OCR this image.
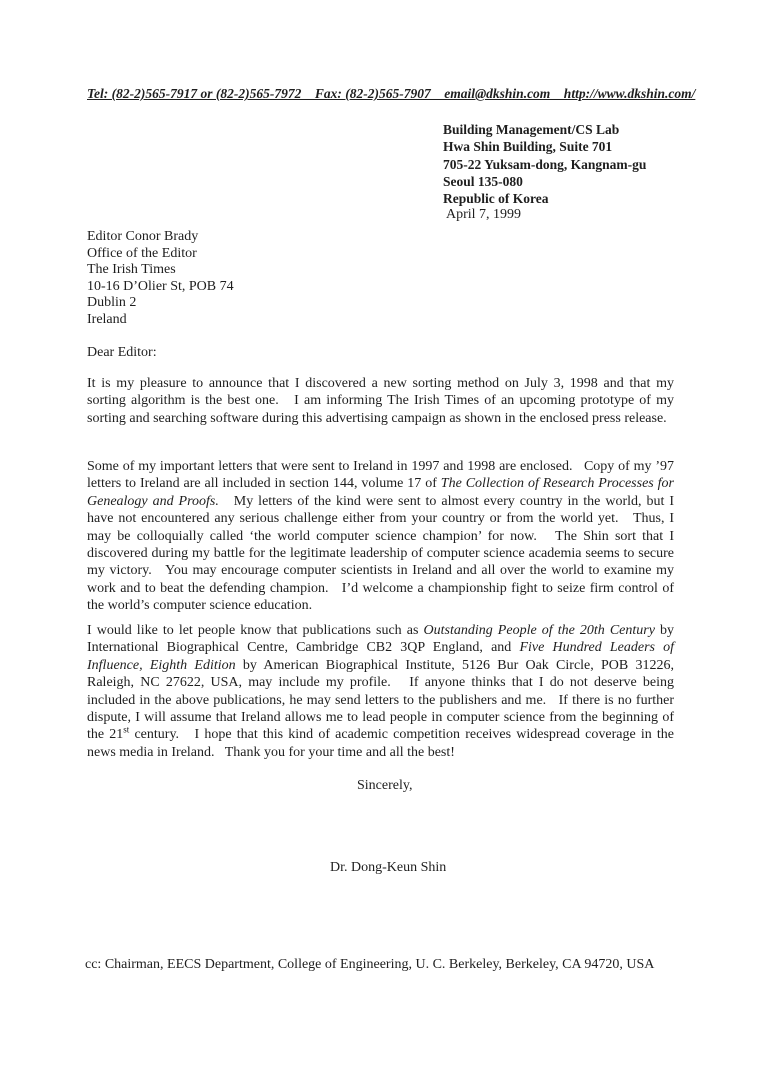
Tel: (82-2)565-7917 or (82-2)565-7972    Fax: (82-2)565-7907    email@dkshin.com    http://www.dkshin.com/
Building Management/CS Lab
Hwa Shin Building, Suite 701
705-22 Yuksam-dong, Kangnam-gu
Seoul 135-080
Republic of Korea
April 7, 1999
Editor Conor Brady
Office of the Editor
The Irish Times
10-16 D’Olier St, POB 74
Dublin 2
Ireland
Dear Editor:
It is my pleasure to announce that I discovered a new sorting method on July 3, 1998 and that my sorting algorithm is the best one.   I am informing The Irish Times of an upcoming prototype of my sorting and searching software during this advertising campaign as shown in the enclosed press release.
Some of my important letters that were sent to Ireland in 1997 and 1998 are enclosed.   Copy of my ’97 letters to Ireland are all included in section 144, volume 17 of The Collection of Research Processes for Genealogy and Proofs.   My letters of the kind were sent to almost every country in the world, but I have not encountered any serious challenge either from your country or from the world yet.   Thus, I may be colloquially called ‘the world computer science champion’ for now.   The Shin sort that I discovered during my battle for the legitimate leadership of computer science academia seems to secure my victory.   You may encourage computer scientists in Ireland and all over the world to examine my work and to beat the defending champion.   I’d welcome a championship fight to seize firm control of the world’s computer science education.
I would like to let people know that publications such as Outstanding People of the 20th Century by International Biographical Centre, Cambridge CB2 3QP England, and Five Hundred Leaders of Influence, Eighth Edition by American Biographical Institute, 5126 Bur Oak Circle, POB 31226, Raleigh, NC 27622, USA, may include my profile.   If anyone thinks that I do not deserve being included in the above publications, he may send letters to the publishers and me.   If there is no further dispute, I will assume that Ireland allows me to lead people in computer science from the beginning of the 21st century.   I hope that this kind of academic competition receives widespread coverage in the news media in Ireland.   Thank you for your time and all the best!
Sincerely,
Dr. Dong-Keun Shin
cc: Chairman, EECS Department, College of Engineering, U. C. Berkeley, Berkeley, CA 94720, USA
